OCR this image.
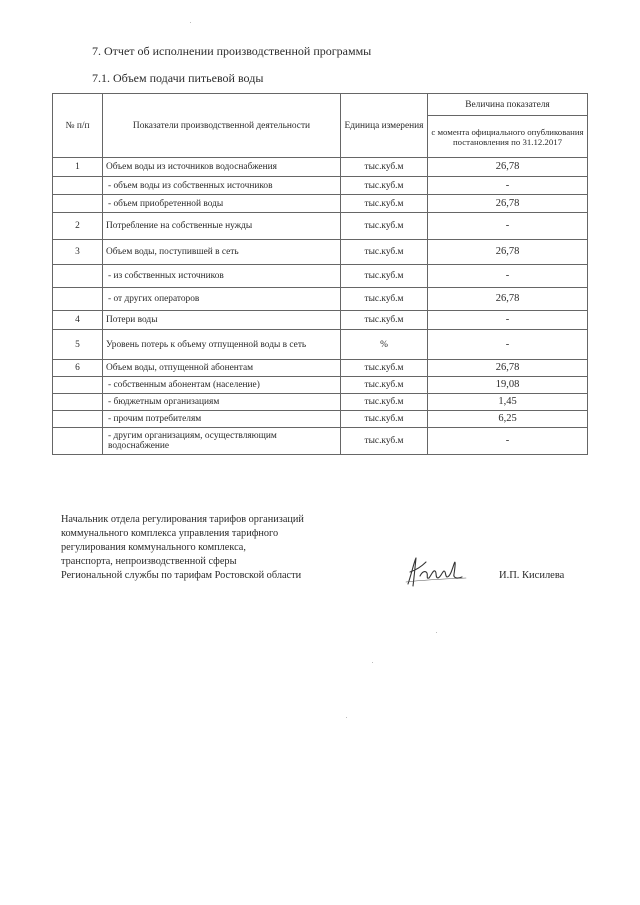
7. Отчет об исполнении производственной программы
7.1. Объем подачи питьевой воды
№ п/п	Показатели производственной деятельности	Единица измерения	Величина показателя
			с момента официального опубликования постановления по 31.12.2017
1	Объем воды из источников водоснабжения	тыс.куб.м	26,78
	- объем воды из собственных источников	тыс.куб.м	-
	- объем приобретенной воды	тыс.куб.м	26,78
2	Потребление на собственные нужды	тыс.куб.м	-
3	Объем воды, поступившей в сеть	тыс.куб.м	26,78
	- из собственных источников	тыс.куб.м	-
	- от других операторов	тыс.куб.м	26,78
4	Потери воды	тыс.куб.м	-
5	Уровень потерь к объему отпущенной воды в сеть	%	-
6	Объем воды, отпущенной абонентам	тыс.куб.м	26,78
	- собственным абонентам (население)	тыс.куб.м	19,08
	- бюджетным организациям	тыс.куб.м	1,45
	- прочим потребителям	тыс.куб.м	6,25
	- другим организациям, осуществляющим водоснабжение	тыс.куб.м	-
Начальник отдела регулирования тарифов организаций
коммунального комплекса управления тарифного
регулирования коммунального комплекса,
транспорта, непроизводственной сферы
Региональной службы по тарифам Ростовской области	И.П. Кисилева
